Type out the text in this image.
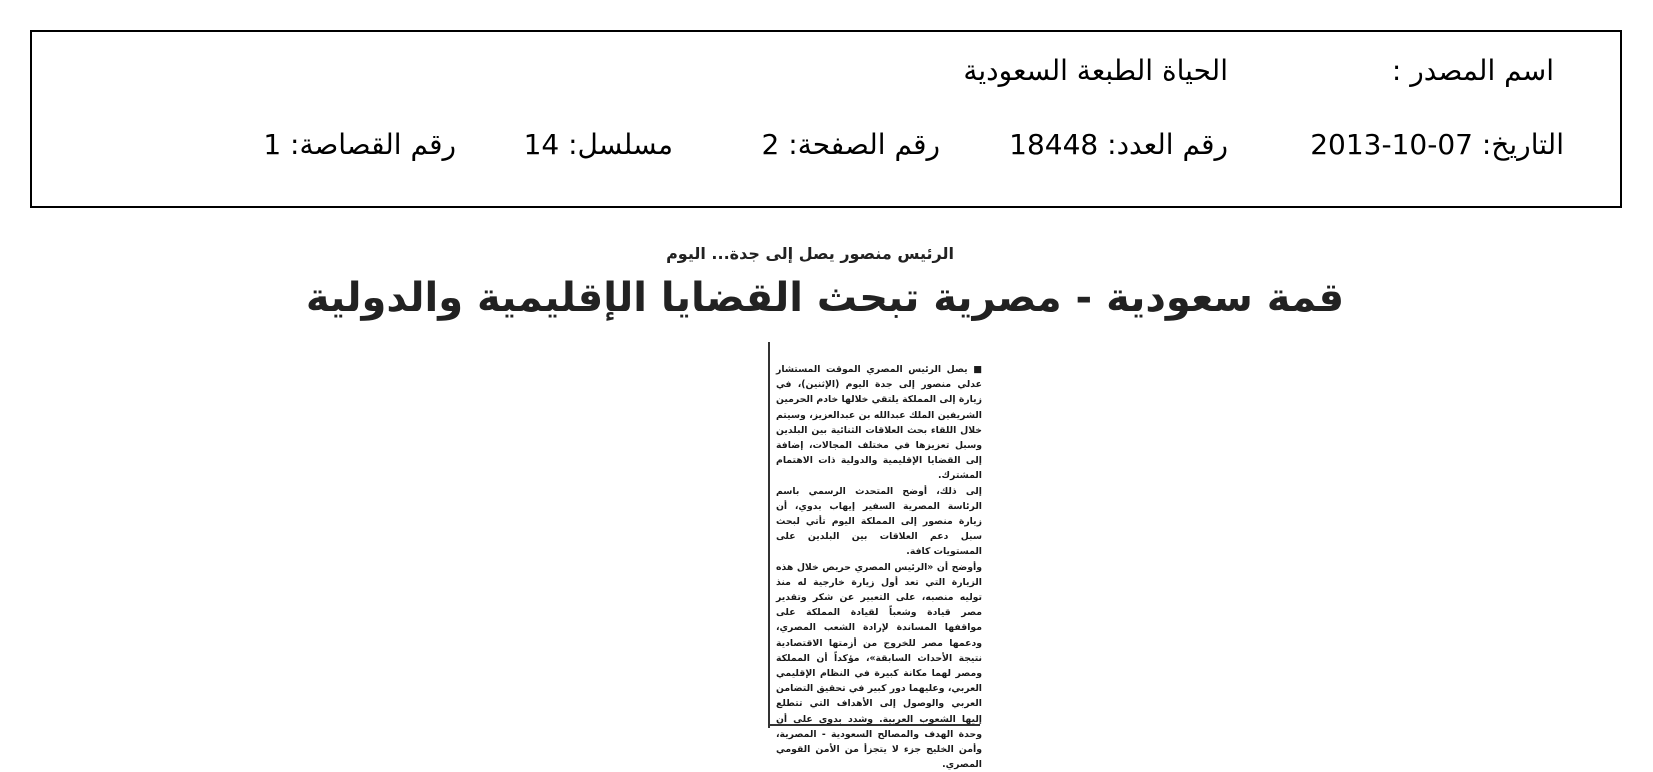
اسم المصدر :
الحياة الطبعة السعودية
التاريخ: 2013-10-07
رقم العدد: 18448
رقم الصفحة: 2
مسلسل: 14
رقم القصاصة: 1
الرئيس منصور يصل إلى جدة... اليوم
قمة سعودية - مصرية تبحث القضايا الإقليمية والدولية

■ يصل الرئيس المصري الموقت المستشار عدلي منصور إلى جدة اليوم (الإثنين)، في زيارة إلى المملكة يلتقي خلالها خادم الحرمين الشريفين الملك عبدالله بن عبدالعزيز، وسيتم خلال اللقاء بحث العلاقات الثنائية بين البلدين وسبل تعزيزها في مختلف المجالات، إضافة إلى القضايا الإقليمية والدولية ذات الاهتمام المشترك.

إلى ذلك، أوضح المتحدث الرسمي باسم الرئاسة المصرية السفير إيهاب بدوي، أن زيارة منصور إلى المملكة اليوم تأتي لبحث سبل دعم العلاقات بين البلدين على المستويات كافة.

وأوضح أن «الرئيس المصري حريص خلال هذه الزيارة التي تعد أول زيارة خارجية له منذ توليه منصبه، على التعبير عن شكر وتقدير مصر قيادة وشعباً لقيادة المملكة على مواقفها المساندة لإرادة الشعب المصري، ودعمها مصر للخروج من أزمتها الاقتصادية نتيجة الأحداث السابقة»، مؤكداً أن المملكة ومصر لهما مكانة كبيرة في النظام الإقليمي العربي، وعليهما دور كبير في تحقيق التضامن العربي والوصول إلى الأهداف التي تتطلع إليها الشعوب العربية. وشدد بدوي على أن وحدة الهدف والمصالح السعودية - المصرية، وأمن الخليج جزء لا يتجزأ من الأمن القومي المصري.
